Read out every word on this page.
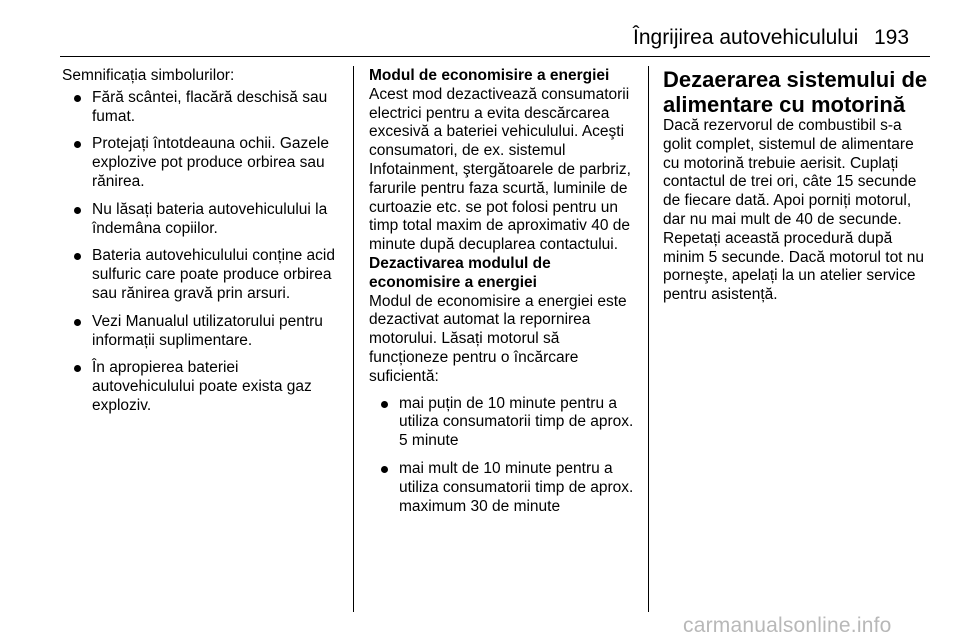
Îngrijirea autovehiculului 193

Semnificația simbolurilor:

Fără scântei, flacără deschisă sau fumat.
Protejați întotdeauna ochii. Gazele explozive pot produce orbirea sau rănirea.
Nu lăsați bateria autovehiculului la îndemâna copiilor.
Bateria autovehiculului conține acid sulfuric care poate produce orbirea sau rănirea gravă prin arsuri.
Vezi Manualul utilizatorului pentru informații suplimentare.
În apropierea bateriei autovehiculului poate exista gaz exploziv.

Modul de economisire a energiei

Acest mod dezactivează consumatorii electrici pentru a evita descărcarea excesivă a bateriei vehiculului. Aceşti consumatori, de ex. sistemul Infotainment, ştergătoarele de parbriz, farurile pentru faza scurtă, luminile de curtoazie etc. se pot folosi pentru un timp total maxim de aproximativ 40 de minute după decuplarea contactului.

Dezactivarea modulul de economisire a energiei

Modul de economisire a energiei este dezactivat automat la repornirea motorului. Lăsați motorul să funcționeze pentru o încărcare suficientă:

mai puțin de 10 minute pentru a utiliza consumatorii timp de aprox. 5 minute
mai mult de 10 minute pentru a utiliza consumatorii timp de aprox. maximum 30 de minute

Dezaerarea sistemului de alimentare cu motorină

Dacă rezervorul de combustibil s-a golit complet, sistemul de alimentare cu motorină trebuie aerisit. Cuplați contactul de trei ori, câte 15 secunde de fiecare dată. Apoi porniți motorul, dar nu mai mult de 40 de secunde. Repetați această procedură după minim 5 secunde. Dacă motorul tot nu porneşte, apelați la un atelier service pentru asistență.

carmanualsonline.info
